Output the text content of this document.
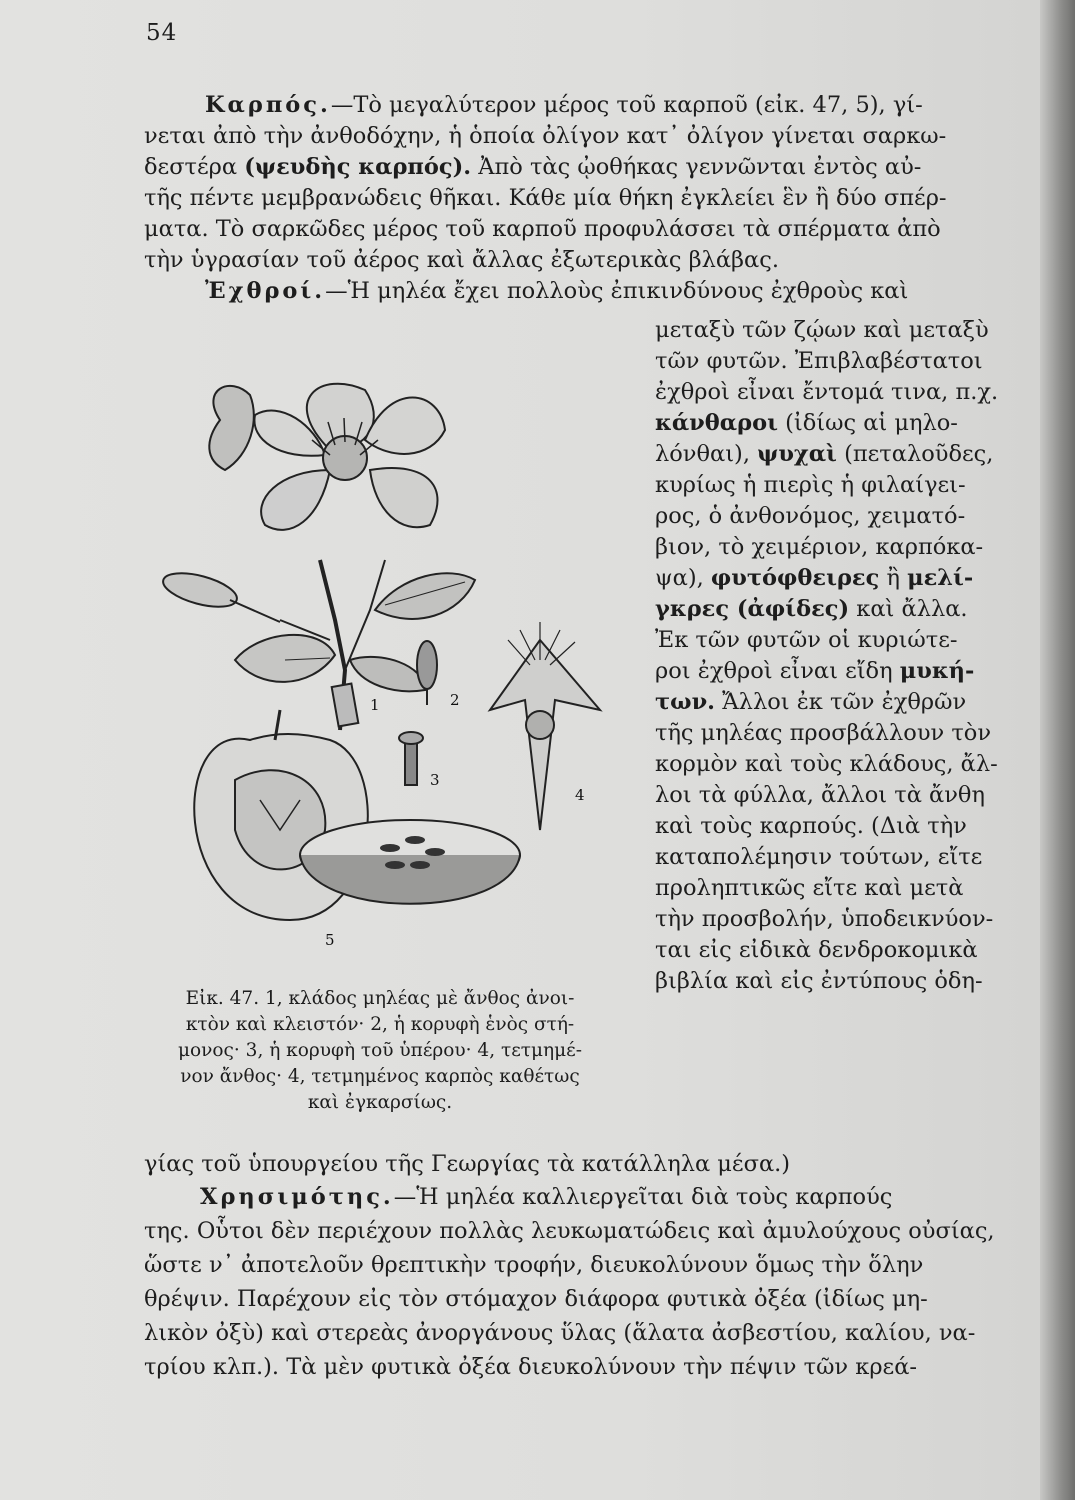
54
Καρπός.—Τὸ μεγαλύτερον μέρος τοῦ καρποῦ (εἰκ. 47, 5), γί-
νεται ἀπὸ τὴν ἀνθοδόχην, ἡ ὁποία ὀλίγον κατ᾽ ὀλίγον γίνεται σαρκω-
δεστέρα (ψευδὴς καρπός). Ἀπὸ τὰς ᾠοθήκας γεννῶνται ἐντὸς αὐ-
τῆς πέντε μεμβρανώδεις θῆκαι. Κάθε μία θήκη ἐγκλείει ἓν ἢ δύο σπέρ-
ματα. Τὸ σαρκῶδες μέρος τοῦ καρποῦ προφυλάσσει τὰ σπέρματα ἀπὸ
τὴν ὑγρασίαν τοῦ ἀέρος καὶ ἄλλας ἐξωτερικὰς βλάβας.
Ἐχθροί.—Ἡ μηλέα ἔχει πολλοὺς ἐπικινδύνους ἐχθροὺς καὶ
μεταξὺ τῶν ζῴων καὶ μεταξὺ
τῶν φυτῶν. Ἐπιβλαβέστατοι
ἐχθροὶ εἶναι ἔντομά τινα, π.χ.
κάνθαροι (ἰδίως αἱ μηλο-
λόνθαι), ψυχαὶ (πεταλοῦδες,
κυρίως ἡ πιερὶς ἡ φιλαίγει-
ρος, ὁ ἀνθονόμος, χειματό-
βιον, τὸ χειμέριον, καρπόκα-
ψα), φυτόφθειρες ἢ μελί-
γκρες (ἀφίδες) καὶ ἄλλα.
Ἐκ τῶν φυτῶν οἱ κυριώτε-
ροι ἐχθροὶ εἶναι εἴδη μυκή-
των. Ἄλλοι ἐκ τῶν ἐχθρῶν
τῆς μηλέας προσβάλλουν τὸν
κορμὸν καὶ τοὺς κλάδους, ἄλ-
λοι τὰ φύλλα, ἄλλοι τὰ ἄνθη
καὶ τοὺς καρπούς. (Διὰ τὴν
καταπολέμησιν τούτων, εἴτε
προληπτικῶς εἴτε καὶ μετὰ
τὴν προσβολήν, ὑποδεικνύον-
ται εἰς εἰδικὰ δενδροκομικὰ
βιβλία καὶ εἰς ἐντύπους ὁδη-
1	2
3
4
5
Εἰκ. 47. 1, κλάδος μηλέας μὲ ἄνθος ἀνοι-
κτὸν καὶ κλειστόν· 2, ἡ κορυφὴ ἑνὸς στή-
μονος· 3, ἡ κορυφὴ τοῦ ὑπέρου· 4, τετμημέ-
νον ἄνθος· 4, τετμημένος καρπὸς καθέτως
καὶ ἐγκαρσίως.
γίας τοῦ ὑπουργείου τῆς Γεωργίας τὰ κατάλληλα μέσα.)
Χρησιμότης.—Ἡ μηλέα καλλιεργεῖται διὰ τοὺς καρπούς
της. Οὗτοι δὲν περιέχουν πολλὰς λευκωματώδεις καὶ ἀμυλούχους οὐσίας,
ὥστε ν᾽ ἀποτελοῦν θρεπτικὴν τροφήν, διευκολύνουν ὅμως τὴν ὅλην
θρέψιν. Παρέχουν εἰς τὸν στόμαχον διάφορα φυτικὰ ὀξέα (ἰδίως μη-
λικὸν ὀξὺ) καὶ στερεὰς ἀνοργάνους ὕλας (ἅλατα ἀσβεστίου, καλίου, να-
τρίου κλπ.). Τὰ μὲν φυτικὰ ὀξέα διευκολύνουν τὴν πέψιν τῶν κρεά-
